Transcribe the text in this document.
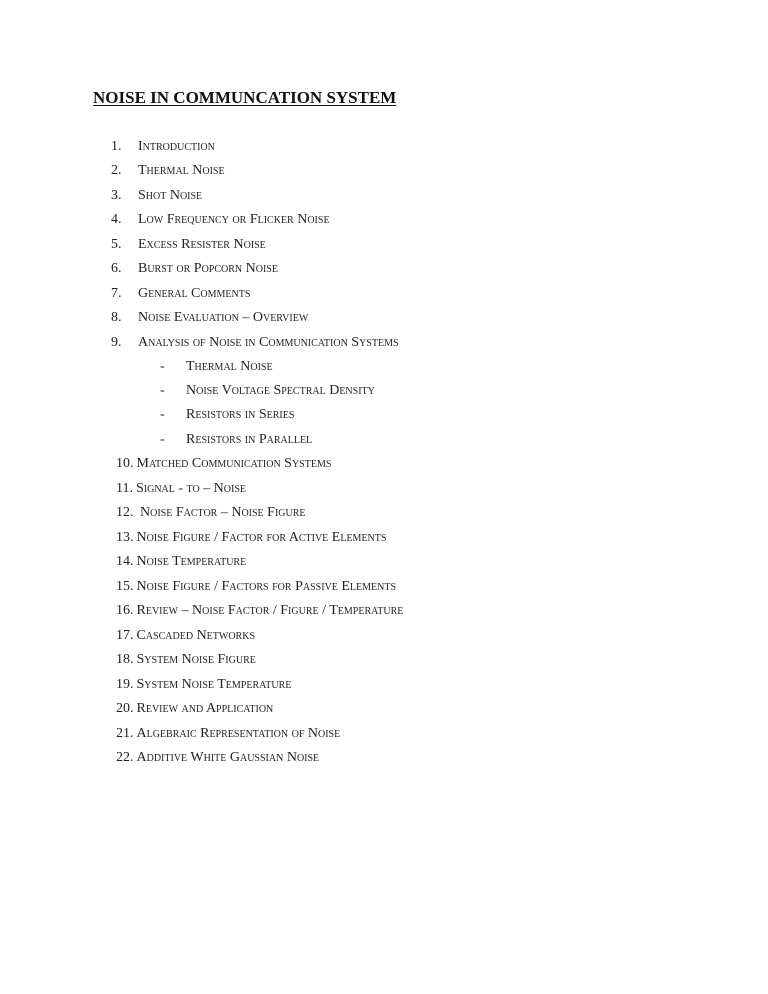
NOISE IN COMMUNCATION SYSTEM
1. Introduction
2. Thermal Noise
3. Shot Noise
4. Low Frequency or Flicker Noise
5. Excess Resister Noise
6. Burst or Popcorn Noise
7. General Comments
8. Noise Evaluation – Overview
9. Analysis of Noise in Communication Systems
- Thermal Noise
- Noise Voltage Spectral Density
- Resistors in Series
- Resistors in Parallel
10. Matched Communication Systems
11. Signal - to – Noise
12. Noise Factor – Noise Figure
13. Noise Figure / Factor for Active Elements
14. Noise Temperature
15. Noise Figure / Factors for Passive Elements
16. Review – Noise Factor / Figure / Temperature
17. Cascaded Networks
18. System Noise Figure
19. System Noise Temperature
20. Review and Application
21. Algebraic Representation of Noise
22. Additive White Gaussian Noise
